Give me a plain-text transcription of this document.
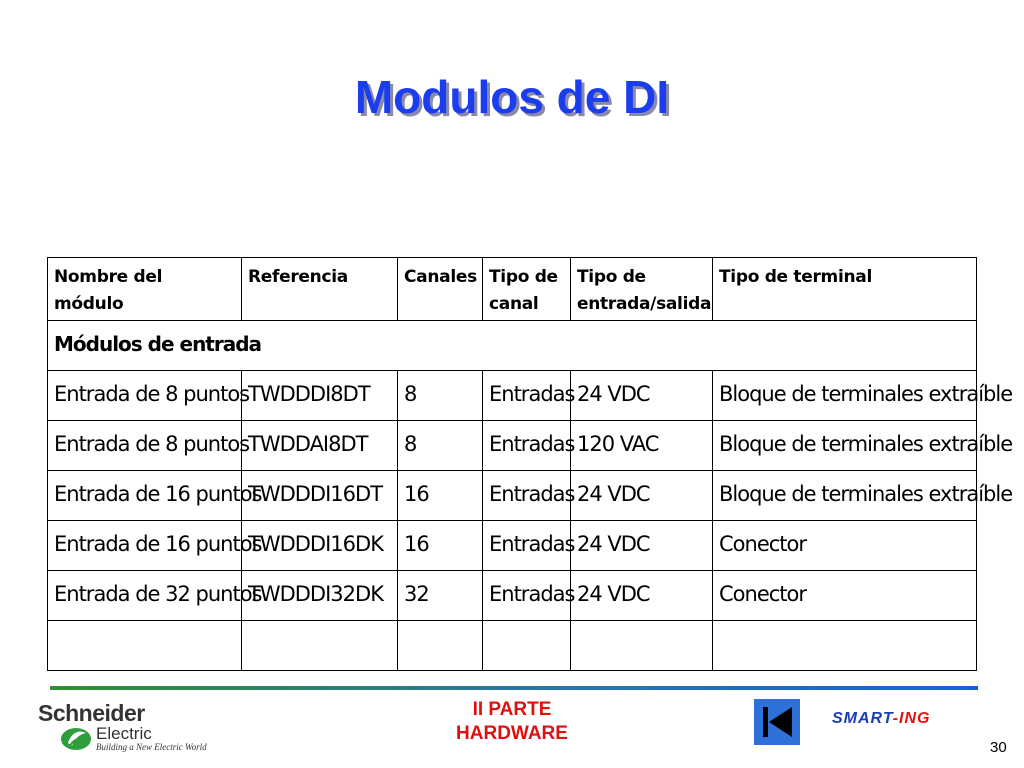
Modulos de DI
Nombre del módulo	Referencia	Canales	Tipo de canal	Tipo de entrada/salida	Tipo de terminal
Módulos de entrada					
Entrada de 8 puntos	TWDDDI8DT	8	Entradas	24 VDC	Bloque de terminales extraíble
Entrada de 8 puntos	TWDDAI8DT	8	Entradas	120 VAC	Bloque de terminales extraíble
Entrada de 16 puntos	TWDDDI16DT	16	Entradas	24 VDC	Bloque de terminales extraíble
Entrada de 16 puntos	TWDDDI16DK	16	Entradas	24 VDC	Conector
Entrada de 32 puntos	TWDDDI32DK	32	Entradas	24 VDC	Conector

Schneider
Electric
Building a New Electric World
II PARTE
HARDWARE
SMART-ING
30
